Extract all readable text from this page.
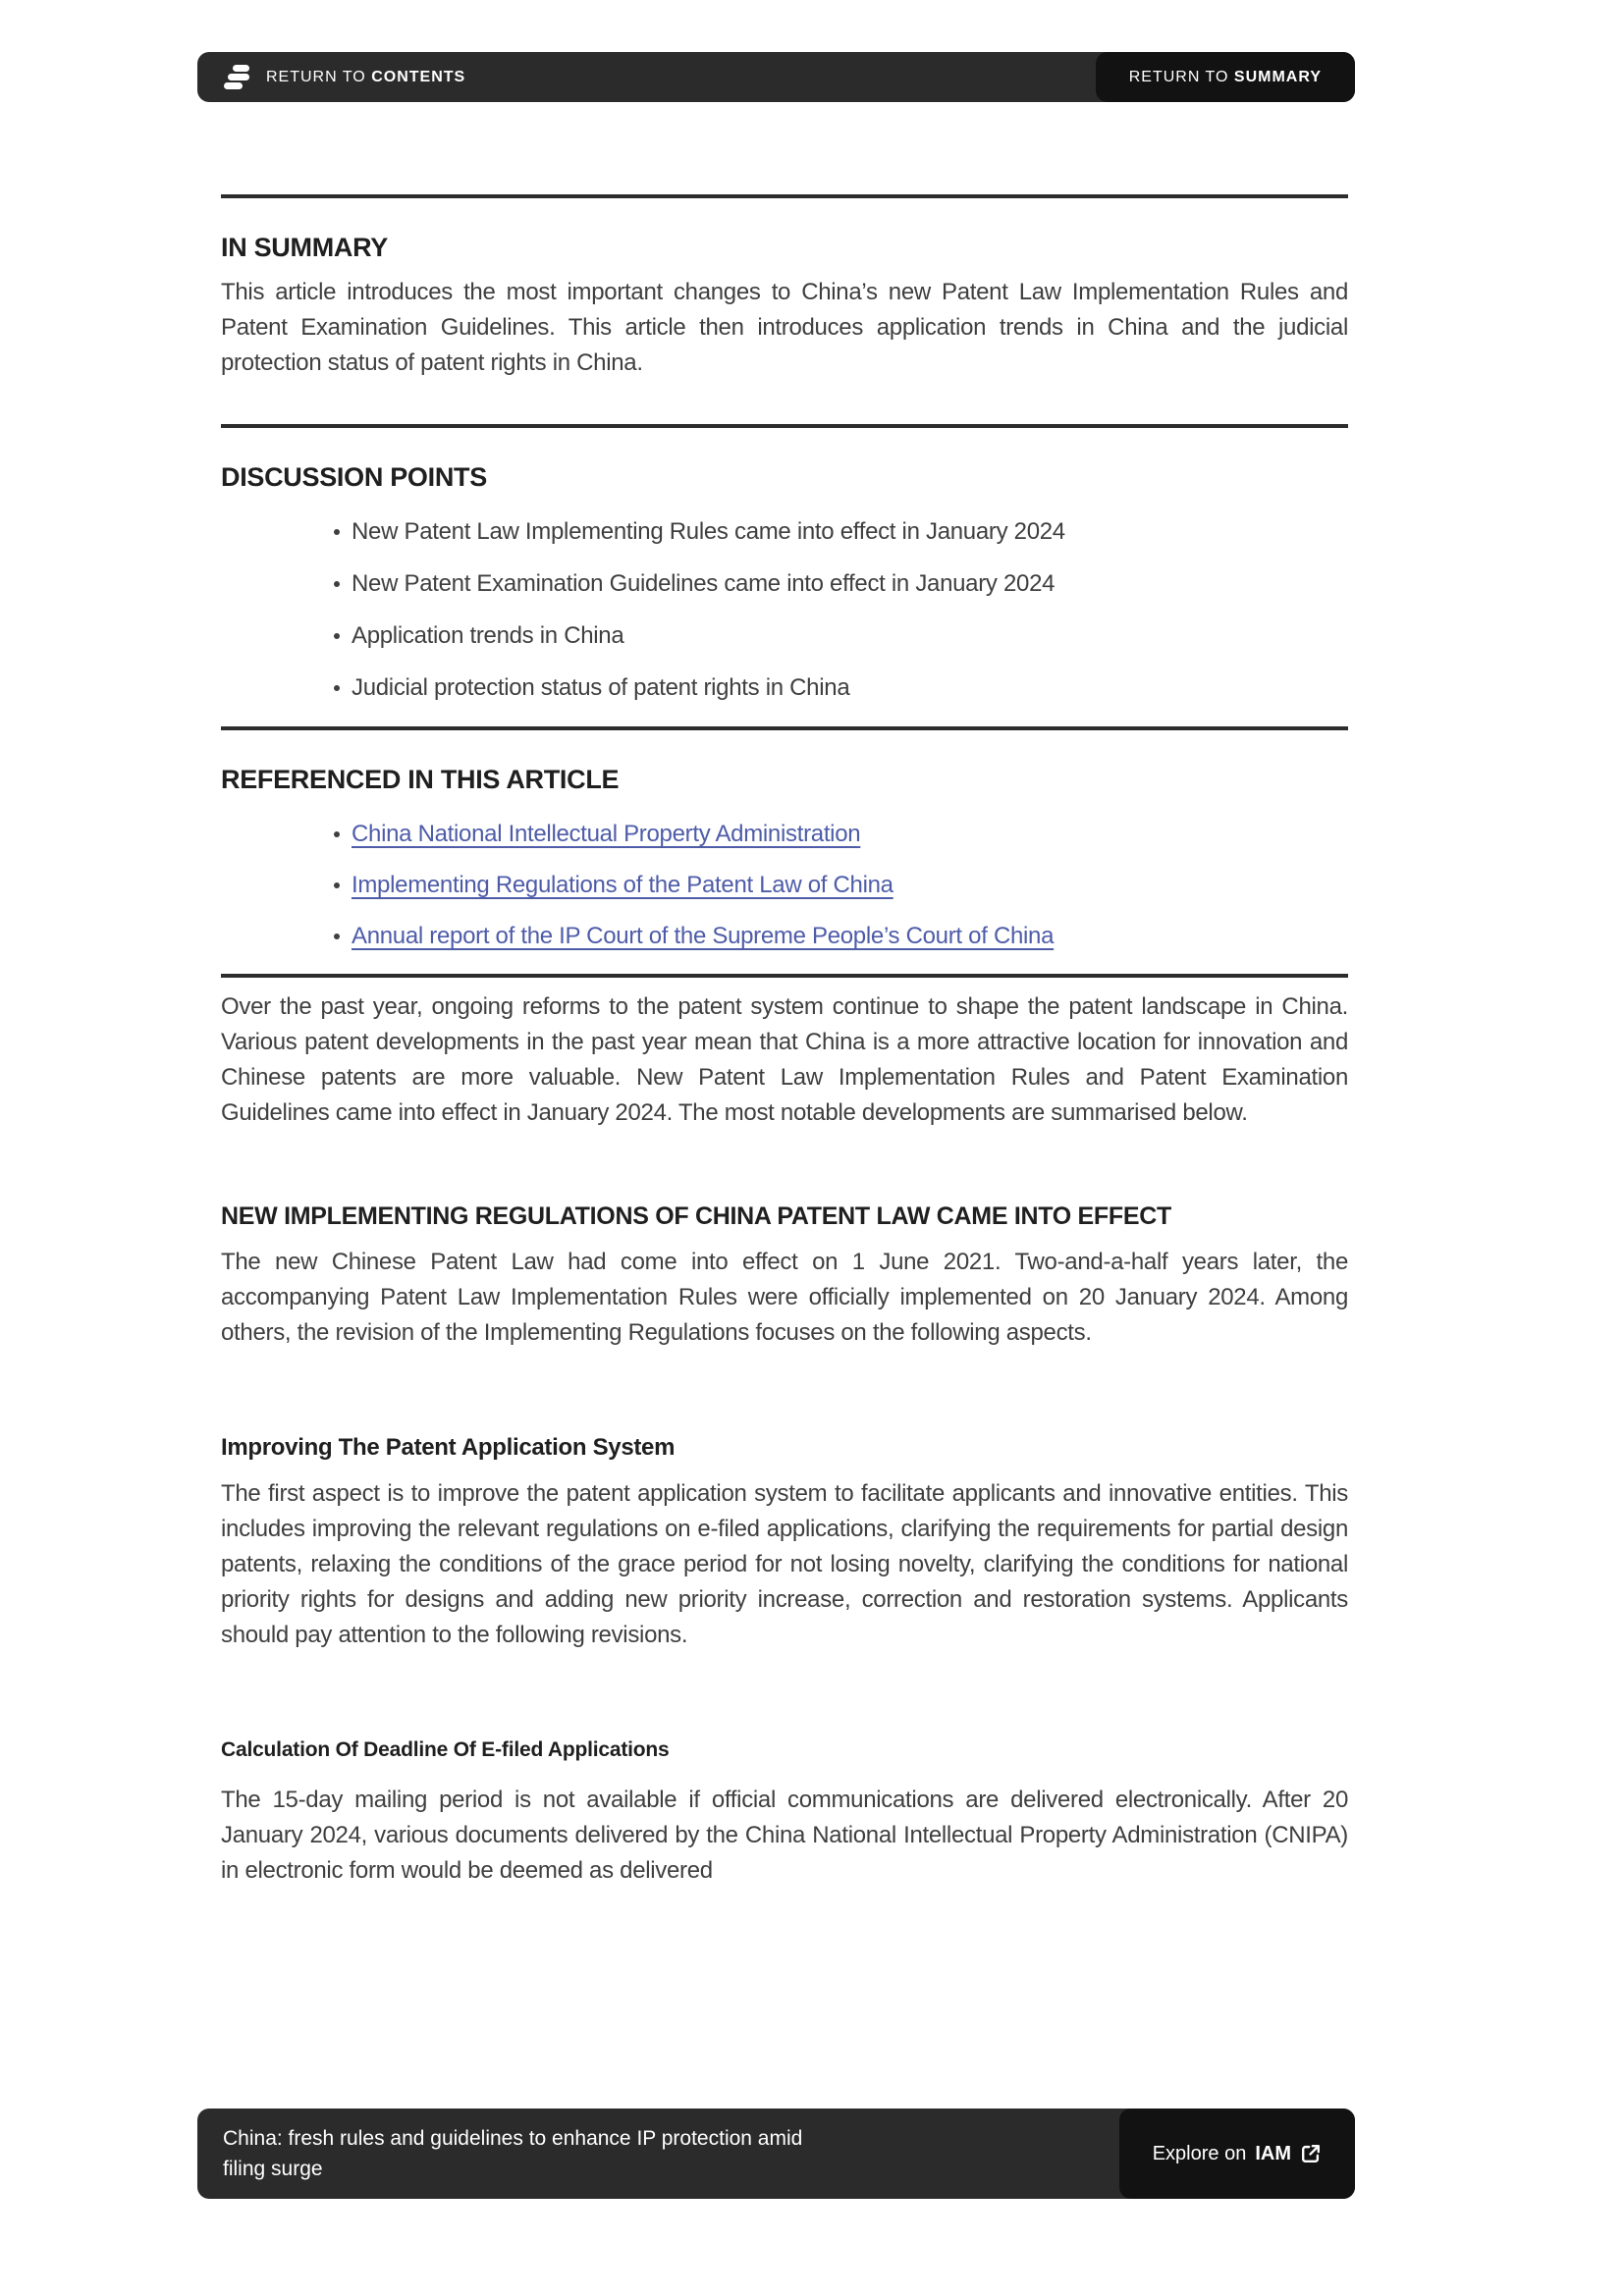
RETURN TO CONTENTS	RETURN TO SUMMARY
IN SUMMARY

This article introduces the most important changes to China’s new Patent Law Implementation Rules and Patent Examination Guidelines. This article then introduces application trends in China and the judicial protection status of patent rights in China.

DISCUSSION POINTS
New Patent Law Implementing Rules came into effect in January 2024
New Patent Examination Guidelines came into effect in January 2024
Application trends in China
Judicial protection status of patent rights in China
REFERENCED IN THIS ARTICLE
China National Intellectual Property Administration
Implementing Regulations of the Patent Law of China
Annual report of the IP Court of the Supreme People’s Court of China

Over the past year, ongoing reforms to the patent system continue to shape the patent landscape in China. Various patent developments in the past year mean that China is a more attractive location for innovation and Chinese patents are more valuable. New Patent Law Implementation Rules and Patent Examination Guidelines came into effect in January 2024. The most notable developments are summarised below.

NEW IMPLEMENTING REGULATIONS OF CHINA PATENT LAW CAME INTO EFFECT

The new Chinese Patent Law had come into effect on 1 June 2021. Two-and-a-half years later, the accompanying Patent Law Implementation Rules were officially implemented on 20 January 2024. Among others, the revision of the Implementing Regulations focuses on the following aspects.

Improving The Patent Application System

The first aspect is to improve the patent application system to facilitate applicants and innovative entities. This includes improving the relevant regulations on e-filed applications, clarifying the requirements for partial design patents, relaxing the conditions of the grace period for not losing novelty, clarifying the conditions for national priority rights for designs and adding new priority increase, correction and restoration systems. Applicants should pay attention to the following revisions.

Calculation Of Deadline Of E-filed Applications

The 15-day mailing period is not available if official communications are delivered electronically. After 20 January 2024, various documents delivered by the China National Intellectual Property Administration (CNIPA) in electronic form would be deemed as delivered

China: fresh rules and guidelines to enhance IP protection amid filing surge
Explore on IAM
